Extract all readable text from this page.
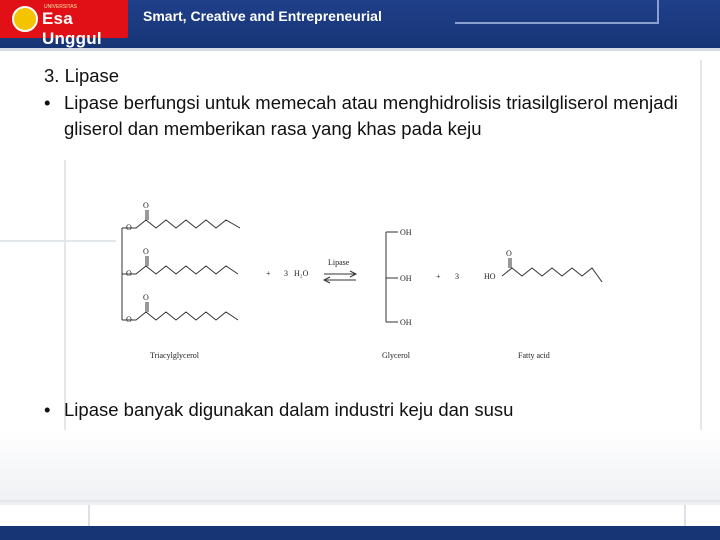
UNIVERSITAS
Esa Unggul
Smart, Creative and Entrepreneurial

3. Lipase

• Lipase berfungsi untuk memecah atau menghidrolisis triasilgliserol menjadi gliserol dan memberikan rasa yang khas pada keju

O
O
O
O
O
O
+ 3 H₂O
Lipase
OH
OH
OH
+ 3	HO
O
Triacylglycerol	Glycerol	Fatty acid
• Lipase banyak digunakan dalam industri keju dan susu
